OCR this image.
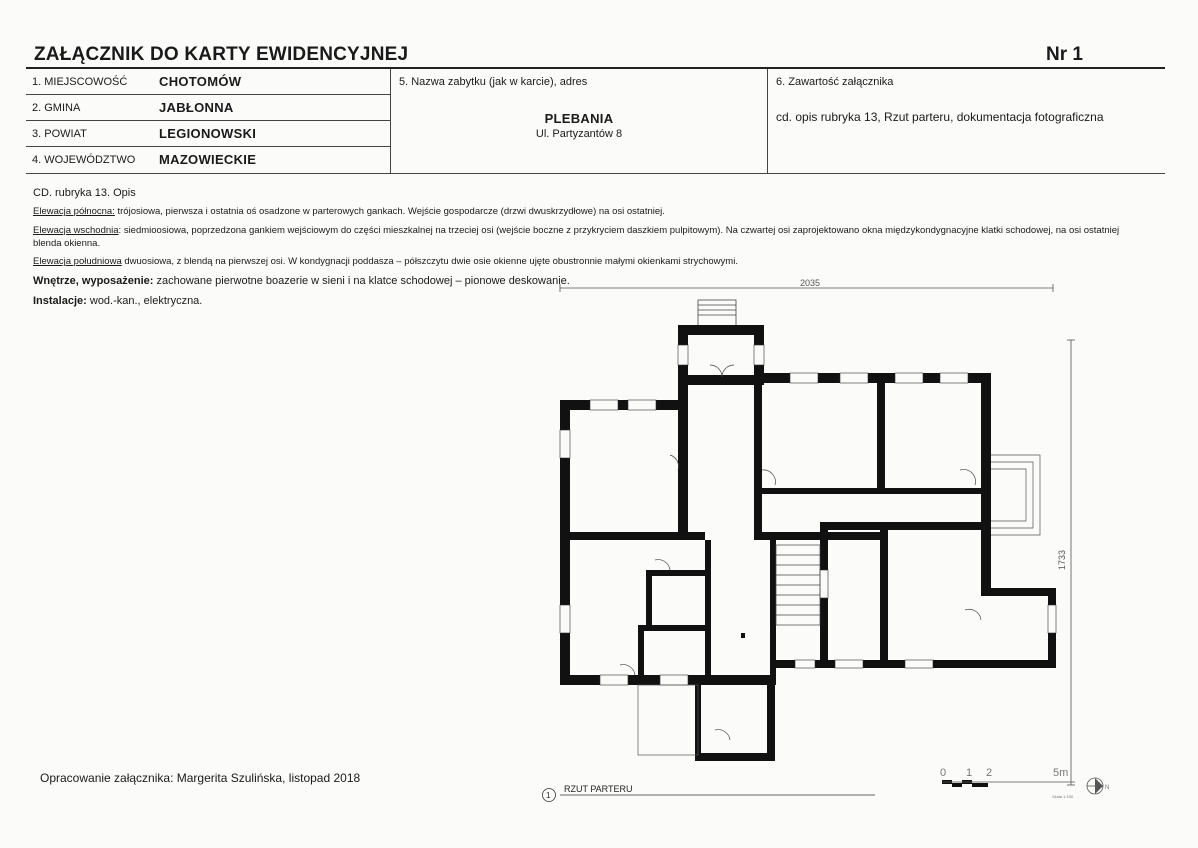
ZAŁĄCZNIK DO KARTY EWIDENCYJNEJ	Nr 1
1. MIEJSCOWOŚĆ CHOTOMÓW
2. GMINA	JABŁONNA
3. POWIAT	LEGIONOWSKI
4. WOJEWÓDZTWO MAZOWIECKIE
5. Nazwa zabytku (jak w karcie), adres
PLEBANIA
Ul. Partyzantów 8
6. Zawartość załącznika
cd. opis rubryka 13, Rzut parteru, dokumentacja fotograficzna
CD. rubryka 13. Opis

Elewacja północna: trójosiowa, pierwsza i ostatnia oś osadzone w parterowych gankach. Wejście gospodarcze (drzwi dwuskrzydłowe) na osi ostatniej.

Elewacja wschodnia: siedmioosiowa, poprzedzona gankiem wejściowym do części mieszkalnej na trzeciej osi (wejście boczne z przykryciem daszkiem pulpitowym). Na czwartej osi zaprojektowano okna międzykondygnacyjne klatki schodowej, na osi ostatniej blenda okienna.

Elewacja południowa dwuosiowa, z blendą na pierwszej osi. W kondygnacji poddasza – półszczytu dwie osie okienne ujęte obustronnie małymi okienkami strychowymi.

Wnętrze, wyposażenie: zachowane pierwotne boazerie w sieni i na klatce schodowej – pionowe deskowanie.

Instalacje: wod.-kan., elektryczna.

2035
1733
1
RZUT PARTERU
0 1 2	5m
Skala 1:150
N
Opracowanie załącznika: Margerita Szulińska, listopad 2018
